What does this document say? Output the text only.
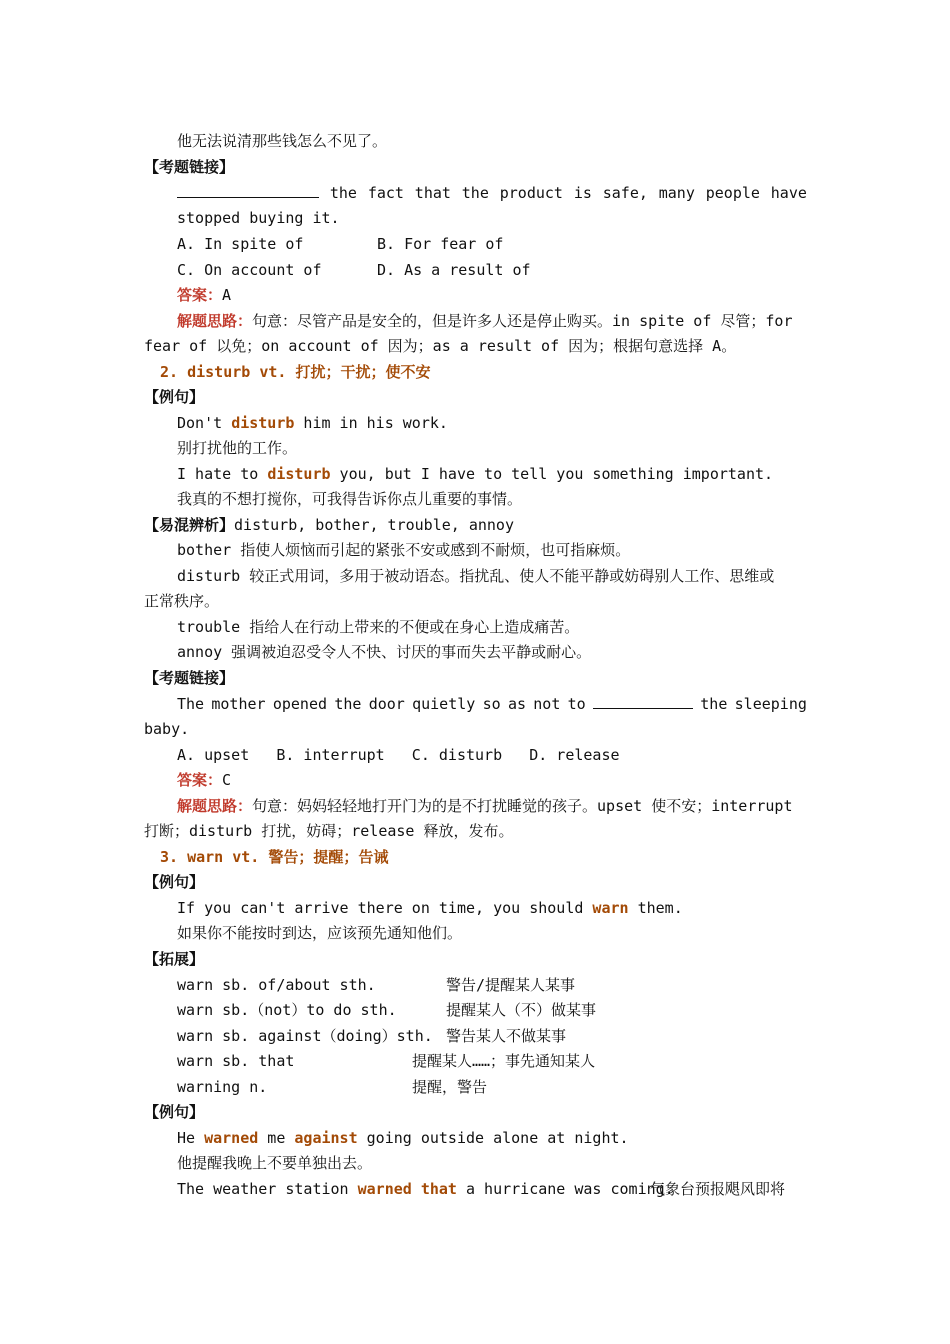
他无法说清那些钱怎么不见了。
【考题链接】
the fact that the product is safe, many people have
stopped buying it.
A. In spite of	B. For fear of
C. On account of	D. As a result of
答案：A
解题思路：句意：尽管产品是安全的，但是许多人还是停止购买。in spite of 尽管；for
fear of 以免；on account of 因为；as a result of 因为；根据句意选择 A。
2. disturb vt. 打扰；干扰；使不安
【例句】
Don't disturb him in his work.
别打扰他的工作。
I hate to disturb you, but I have to tell you something important.
我真的不想打搅你，可我得告诉你点儿重要的事情。
【易混辨析】disturb, bother, trouble, annoy
bother 指使人烦恼而引起的紧张不安或感到不耐烦，也可指麻烦。
disturb 较正式用词，多用于被动语态。指扰乱、使人不能平静或妨碍别人工作、思维或
正常秩序。
trouble 指给人在行动上带来的不便或在身心上造成痛苦。
annoy 强调被迫忍受令人不快、讨厌的事而失去平静或耐心。
【考题链接】
The mother opened the door quietly so as not to	the sleeping
baby.
A. upset   B. interrupt   C. disturb   D. release
答案：C
解题思路：句意：妈妈轻轻地打开门为的是不打扰睡觉的孩子。upset 使不安；interrupt
打断；disturb 打扰，妨碍；release 释放，发布。
3. warn vt. 警告；提醒；告诫
【例句】
If you can't arrive there on time, you should warn them.
如果你不能按时到达，应该预先通知他们。
【拓展】
warn sb. of/about sth.	警告/提醒某人某事
warn sb.（not）to do sth.	提醒某人（不）做某事
warn sb. against（doing）sth. 警告某人不做某事
warn sb. that	提醒某人……；事先通知某人
warning n.	提醒，警告
【例句】
He warned me against going outside alone at night.
他提醒我晚上不要单独出去。
The weather station warned that a hurricane was coming.
气象台预报飓风即将
